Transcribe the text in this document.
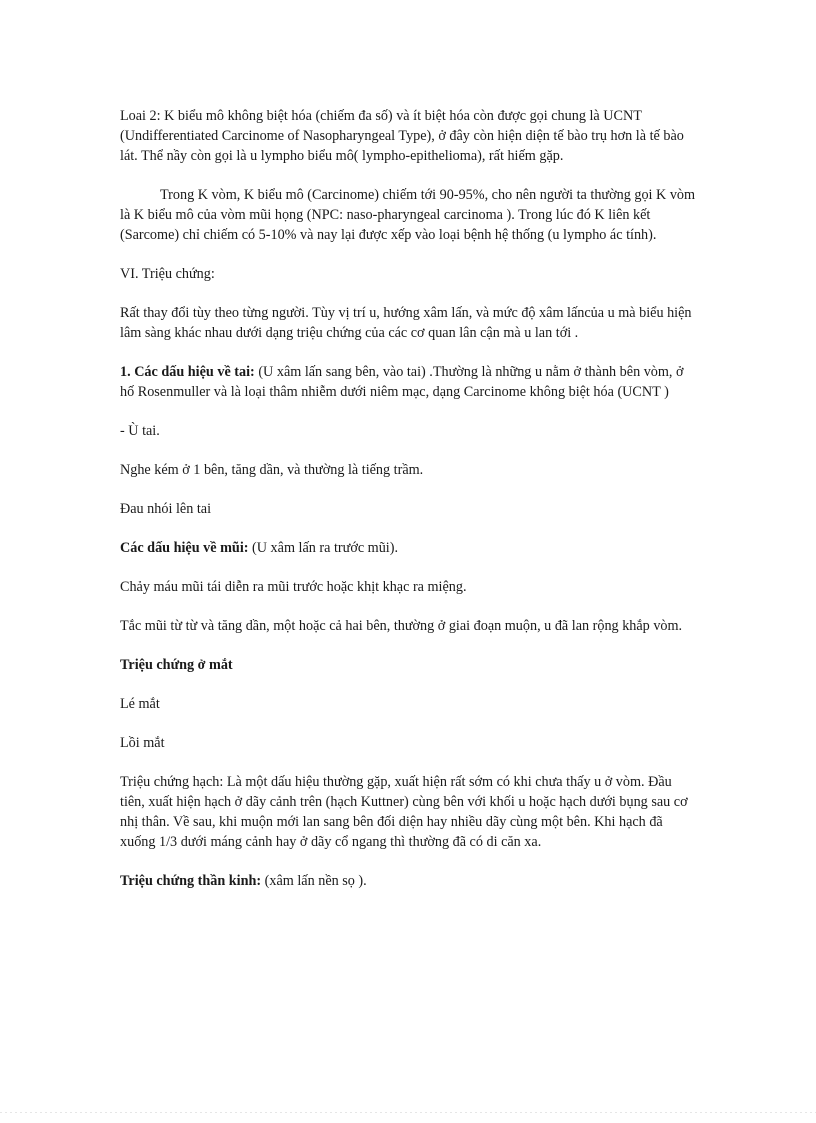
Loai 2: K biểu mô không biệt hóa (chiếm đa số) và ít biệt hóa còn được gọi chung là UCNT (Undifferentiated Carcinome of Nasopharyngeal Type), ở đây còn hiện diện tế bào trụ hơn là tế bào lát. Thể nầy còn gọi là u lympho biểu mô( lympho-epithelioma), rất hiếm gặp.

Trong K vòm, K biểu mô (Carcinome) chiếm tới 90-95%, cho nên người ta thường gọi K vòm là K biểu mô của vòm mũi họng (NPC: naso-pharyngeal carcinoma ). Trong lúc đó K liên kết (Sarcome) chỉ chiếm có 5-10% và nay lại được xếp vào loại bệnh hệ thống (u lympho ác tính).

VI. Triệu chứng:

Rất thay đổi tùy theo từng người. Tùy vị trí u, hướng xâm lấn, và mức độ xâm lấncủa u mà biểu hiện lâm sàng khác nhau dưới dạng triệu chứng của các cơ quan lân cận mà u lan tới .

1. Các dấu hiệu về tai: (U xâm lấn sang bên, vào tai) .Thường là những u nằm ở thành bên vòm, ở hố Rosenmuller và là loại thâm nhiễm dưới niêm mạc, dạng Carcinome không biệt hóa (UCNT )

- Ù tai.

Nghe kém ở 1 bên, tăng dần, và thường là tiếng trầm.

Đau nhói lên tai

Các dấu hiệu về mũi: (U xâm lấn ra trước mũi).

Chảy máu mũi tái diễn ra mũi trước hoặc khịt khạc ra miệng.

Tắc mũi từ từ và tăng dần, một hoặc cả hai bên, thường ở giai đoạn muộn, u đã lan rộng khắp vòm.

Triệu chứng ở mắt

Lé mắt

Lồi mắt

Triệu chứng hạch: Là một dấu hiệu thường gặp, xuất hiện rất sớm có khi chưa thấy u ở vòm. Đầu tiên, xuất hiện hạch ở dãy cảnh trên (hạch Kuttner) cùng bên với khối u hoặc hạch dưới bụng sau cơ nhị thân. Về sau, khi muộn mới lan sang bên đối diện hay nhiều dãy cùng một bên. Khi hạch đã xuống 1/3 dưới máng cảnh hay ở dãy cổ ngang thì thường đã có di căn xa.

Triệu chứng thần kinh: (xâm lấn nền sọ ).
